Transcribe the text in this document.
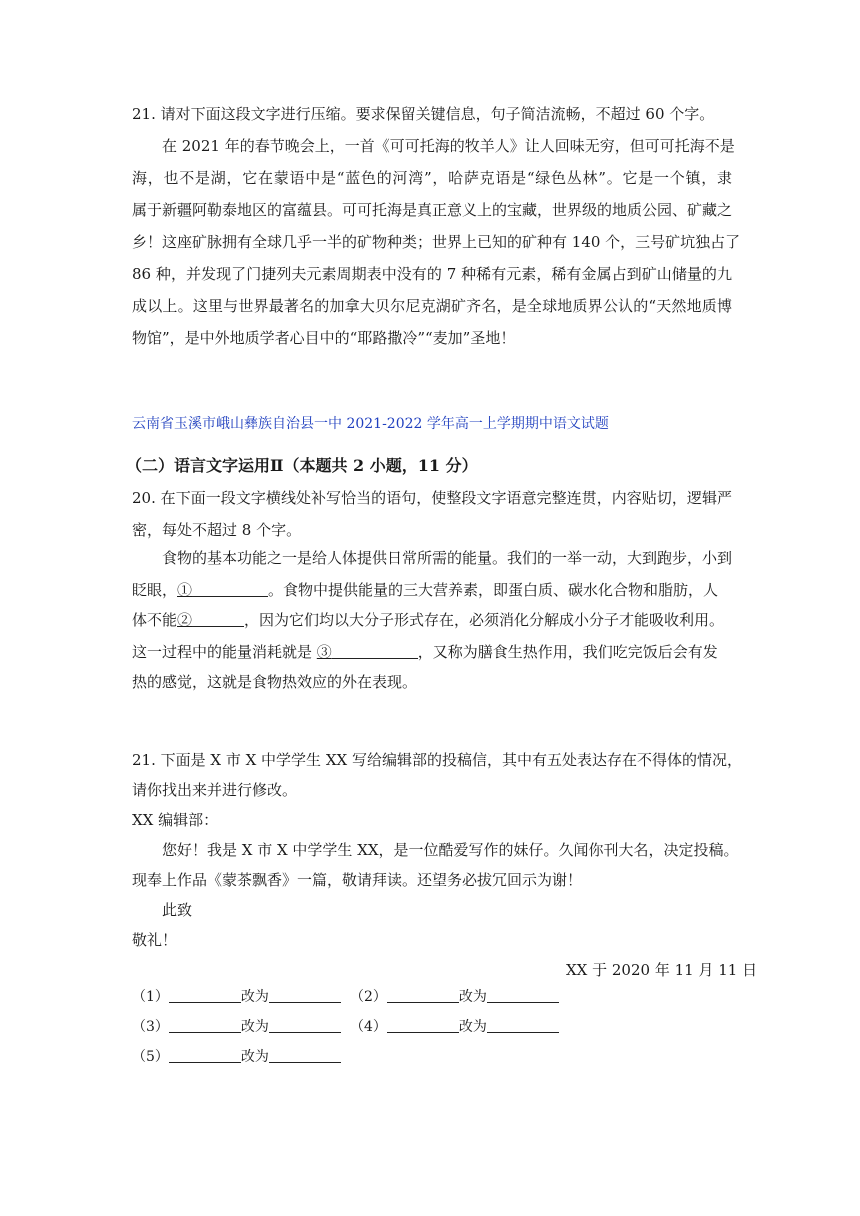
21. 请对下面这段文字进行压缩。要求保留关键信息，句子简洁流畅，不超过 60 个字。
在 2021 年的春节晚会上，一首《可可托海的牧羊人》让人回味无穷，但可可托海不是
海，也不是湖，它在蒙语中是“蓝色的河湾”，哈萨克语是“绿色丛林”。它是一个镇，隶
属于新疆阿勒泰地区的富蕴县。可可托海是真正意义上的宝藏，世界级的地质公园、矿藏之
乡！这座矿脉拥有全球几乎一半的矿物种类；世界上已知的矿种有 140 个，三号矿坑独占了
86 种，并发现了门捷列夫元素周期表中没有的 7 种稀有元素，稀有金属占到矿山储量的九
成以上。这里与世界最著名的加拿大贝尔尼克湖矿齐名，是全球地质界公认的“天然地质博
物馆”，是中外地质学者心目中的“耶路撒冷”“麦加”圣地！
云南省玉溪市峨山彝族自治县一中 2021-2022 学年高一上学期期中语文试题
（二）语言文字运用Ⅱ（本题共 2 小题，11 分）
20. 在下面一段文字横线处补写恰当的语句，使整段文字语意完整连贯，内容贴切，逻辑严
密，每处不超过 8 个字。
食物的基本功能之一是给人体提供日常所需的能量。我们的一举一动，大到跑步，小到
眨眼，①	。食物中提供能量的三大营养素，即蛋白质、碳水化合物和脂肪，人
体不能②	，因为它们均以大分子形式存在，必须消化分解成小分子才能吸收利用。
这一过程中的能量消耗就是 ③	，又称为膳食生热作用，我们吃完饭后会有发
热的感觉，这就是食物热效应的外在表现。
21. 下面是 X 市 X 中学学生 XX 写给编辑部的投稿信，其中有五处表达存在不得体的情况，
请你找出来并进行修改。
XX 编辑部：
您好！我是 X 市 X 中学学生 XX，是一位酷爱写作的妹仔。久闻你刊大名，决定投稿。
现奉上作品《蒙茶飘香》一篇，敬请拜读。还望务必拔冗回示为谢！
此致
敬礼！
XX 于 2020 年 11 月 11 日
（1）	改为	（2）	改为
（3）	改为	（4）	改为
（5）	改为
